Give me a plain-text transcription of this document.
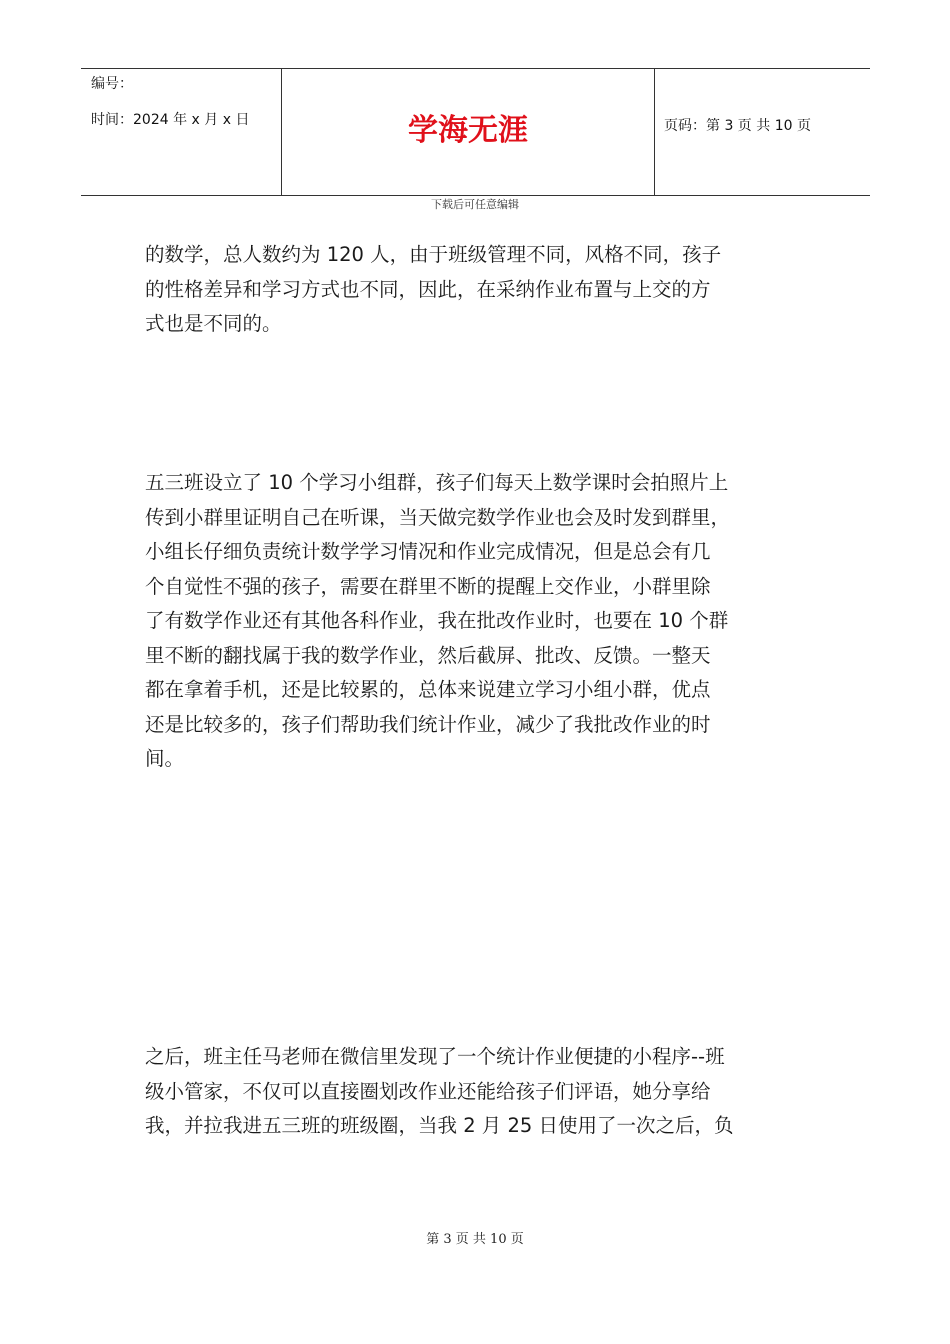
编号：
时间：2024 年 x 月 x 日	学海无涯	页码：第 3 页 共 10 页
下载后可任意编辑
的数学，总人数约为 120 人，由于班级管理不同，风格不同，孩子
的性格差异和学习方式也不同，因此，在采纳作业布置与上交的方
式也是不同的。
五三班设立了 10 个学习小组群，孩子们每天上数学课时会拍照片上
传到小群里证明自己在听课，当天做完数学作业也会及时发到群里，
小组长仔细负责统计数学学习情况和作业完成情况，但是总会有几
个自觉性不强的孩子，需要在群里不断的提醒上交作业，小群里除
了有数学作业还有其他各科作业，我在批改作业时，也要在 10 个群
里不断的翻找属于我的数学作业，然后截屏、批改、反馈。一整天
都在拿着手机，还是比较累的，总体来说建立学习小组小群，优点
还是比较多的，孩子们帮助我们统计作业，减少了我批改作业的时
间。
之后，班主任马老师在微信里发现了一个统计作业便捷的小程序--班
级小管家，不仅可以直接圈划改作业还能给孩子们评语，她分享给
我，并拉我进五三班的班级圈，当我 2 月 25 日使用了一次之后，负
第 3 页 共 10 页
